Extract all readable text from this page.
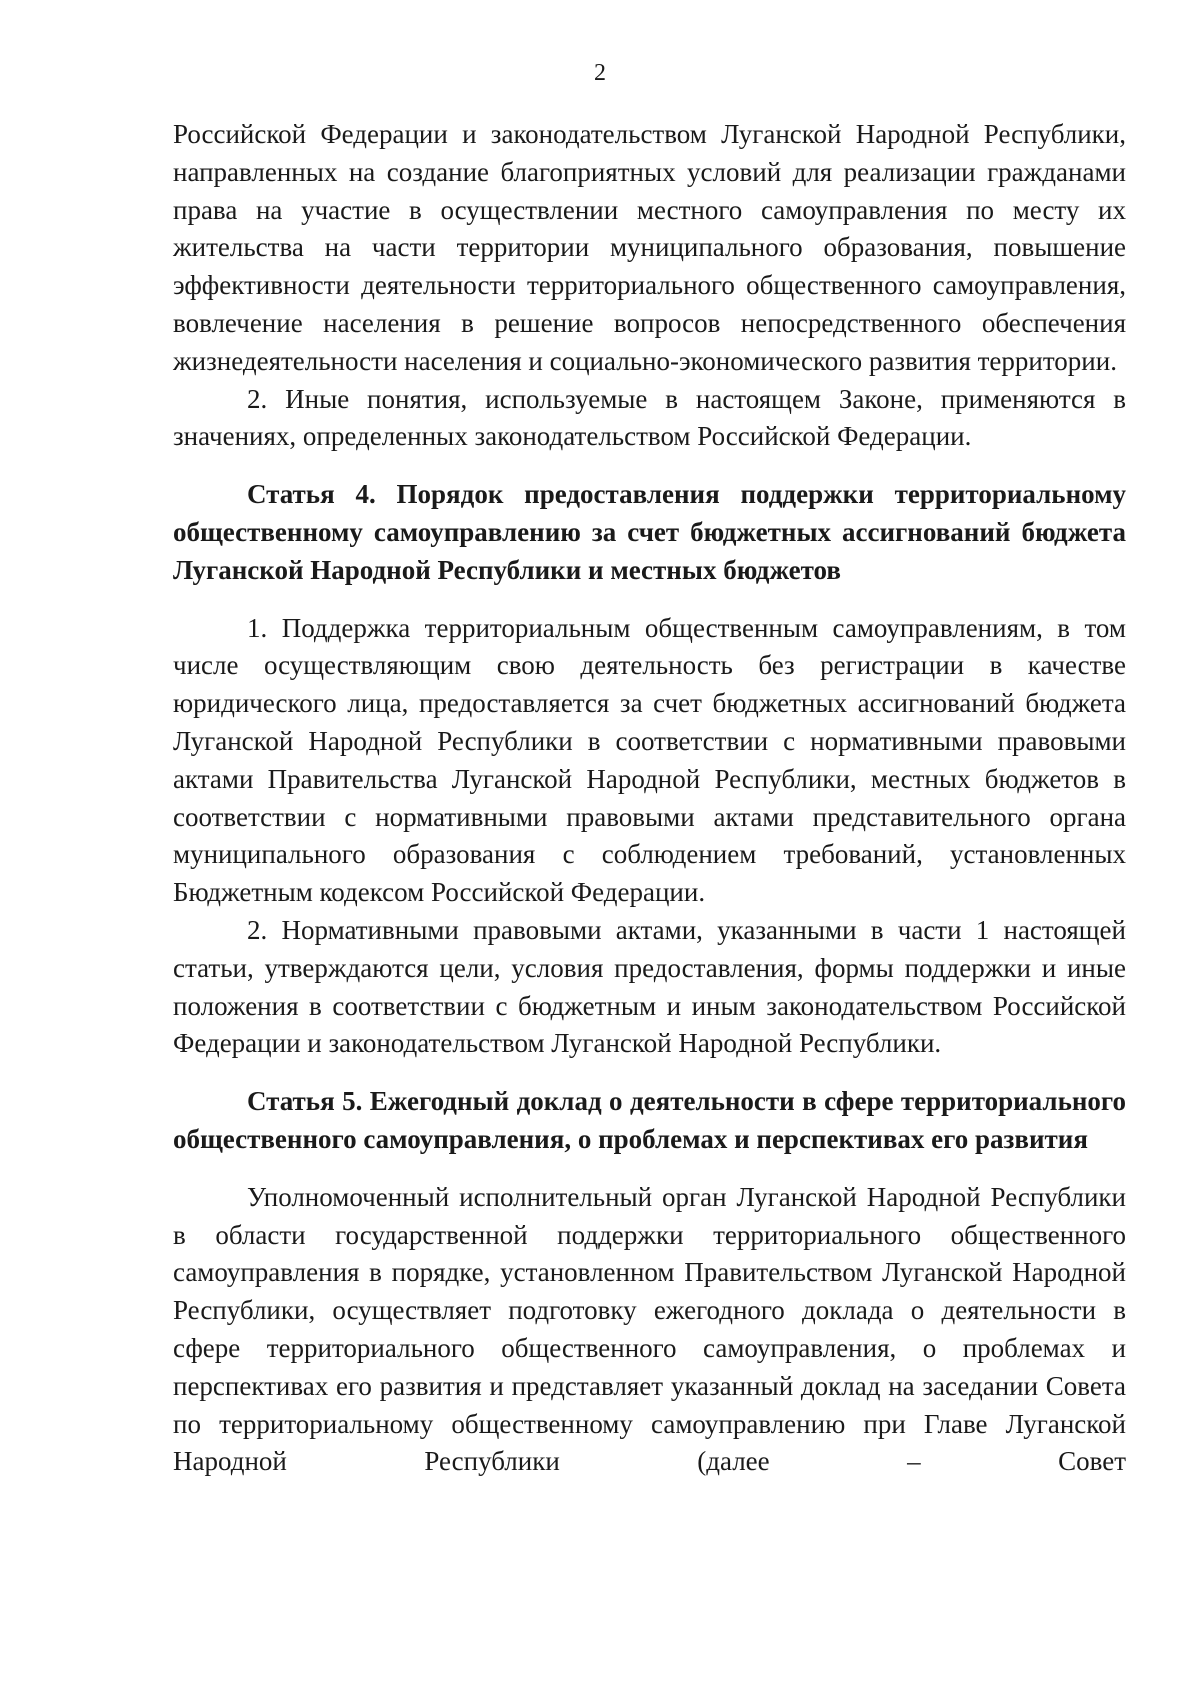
2

Российской Федерации и законодательством Луганской Народной Республики, направленных на создание благоприятных условий для реализации гражданами права на участие в осуществлении местного самоуправления по месту их жительства на части территории муниципального образования, повышение эффективности деятельности территориального общественного самоуправления, вовлечение населения в решение вопросов непосредственного обеспечения жизнедеятельности населения и социально-экономического развития территории.

2. Иные понятия, используемые в настоящем Законе, применяются в значениях, определенных законодательством Российской Федерации.

Статья 4. Порядок предоставления поддержки территориальному общественному самоуправлению за счет бюджетных ассигнований бюджета Луганской Народной Республики и местных бюджетов

1. Поддержка территориальным общественным самоуправлениям, в том числе осуществляющим свою деятельность без регистрации в качестве юридического лица, предоставляется за счет бюджетных ассигнований бюджета Луганской Народной Республики в соответствии с нормативными правовыми актами Правительства Луганской Народной Республики, местных бюджетов в соответствии с нормативными правовыми актами представительного органа муниципального образования с соблюдением требований, установленных Бюджетным кодексом Российской Федерации.

2. Нормативными правовыми актами, указанными в части 1 настоящей статьи, утверждаются цели, условия предоставления, формы поддержки и иные положения в соответствии с бюджетным и иным законодательством Российской Федерации и законодательством Луганской Народной Республики.

Статья 5. Ежегодный доклад о деятельности в сфере территориального общественного самоуправления, о проблемах и перспективах его развития

Уполномоченный исполнительный орган Луганской Народной Республики в области государственной поддержки территориального общественного самоуправления в порядке, установленном Правительством Луганской Народной Республики, осуществляет подготовку ежегодного доклада о деятельности в сфере территориального общественного самоуправления, о проблемах и перспективах его развития и представляет указанный доклад на заседании Совета по территориальному общественному самоуправлению при Главе Луганской Народной Республики (далее – Совет
